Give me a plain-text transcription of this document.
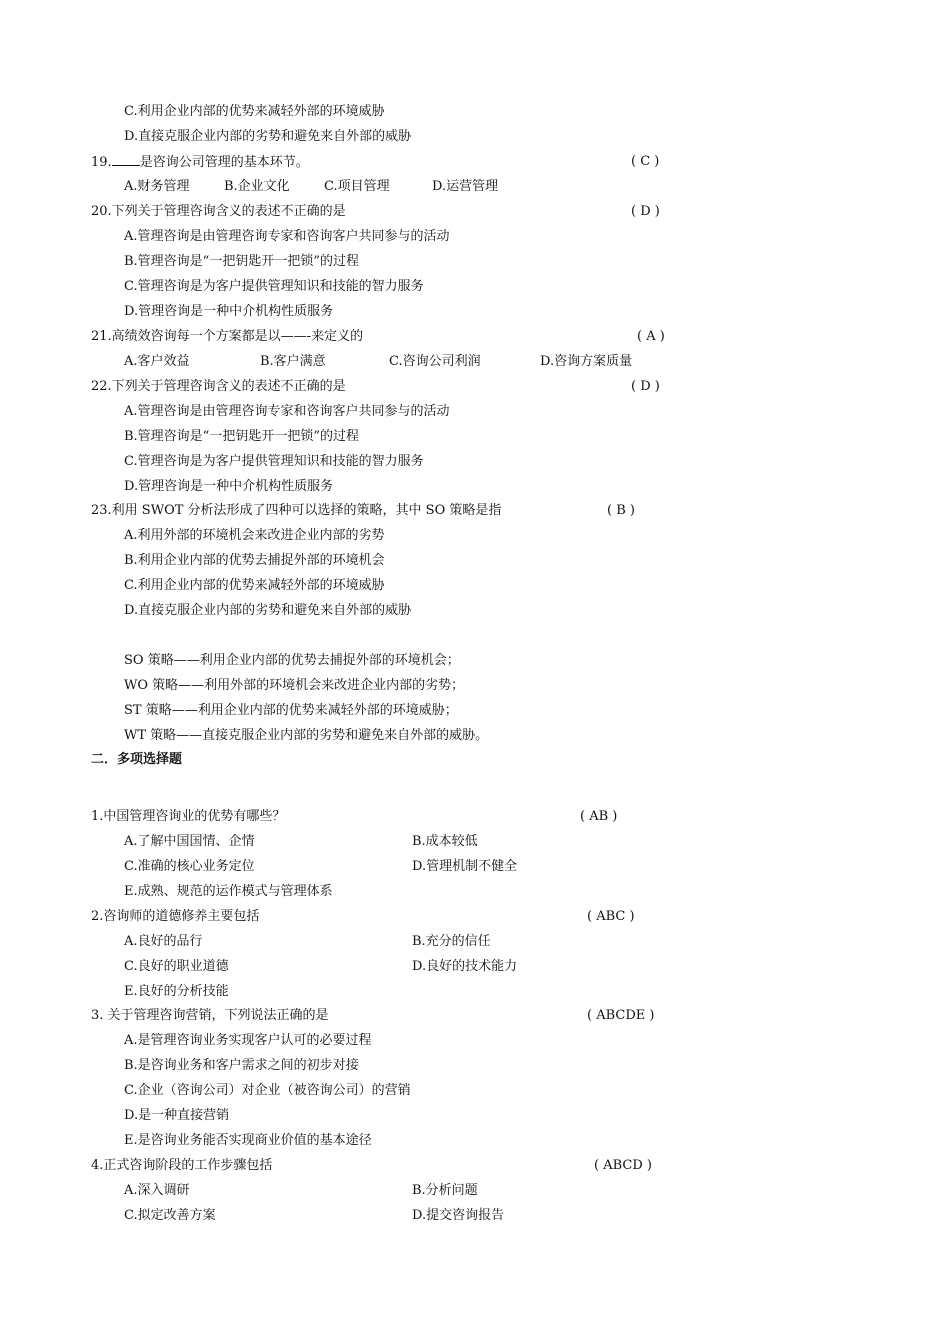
C.利用企业内部的优势来减轻外部的环境威胁
D.直接克服企业内部的劣势和避免来自外部的威胁
19. 是咨询公司管理的基本环节。	( C )
A.财务管理	B.企业文化	C.项目管理	D.运营管理
20.下列关于管理咨询含义的表述不正确的是	( D )
A.管理咨询是由管理咨询专家和咨询客户共同参与的活动
B.管理咨询是“一把钥匙开一把锁”的过程
C.管理咨询是为客户提供管理知识和技能的智力服务
D.管理咨询是一种中介机构性质服务
21.高绩效咨询每一个方案都是以——-来定义的	( A )
A.客户效益	B.客户满意	C.咨询公司利润	D.咨询方案质量
22.下列关于管理咨询含义的表述不正确的是	( D )
A.管理咨询是由管理咨询专家和咨询客户共同参与的活动
B.管理咨询是“一把钥匙开一把锁”的过程
C.管理咨询是为客户提供管理知识和技能的智力服务
D.管理咨询是一种中介机构性质服务
23.利用 SWOT 分析法形成了四种可以选择的策略，其中 SO 策略是指	( B )
A.利用外部的环境机会来改进企业内部的劣势
B.利用企业内部的优势去捕捉外部的环境机会
C.利用企业内部的优势来减轻外部的环境威胁
D.直接克服企业内部的劣势和避免来自外部的威胁
SO 策略——利用企业内部的优势去捕捉外部的环境机会；
WO 策略——利用外部的环境机会来改进企业内部的劣势；
ST 策略——利用企业内部的优势来减轻外部的环境威胁；
WT 策略——直接克服企业内部的劣势和避免来自外部的威胁。
二．多项选择题
1.中国管理咨询业的优势有哪些？	( AB )
A.了解中国国情、企情	B.成本较低
C.准确的核心业务定位	D.管理机制不健全
E.成熟、规范的运作模式与管理体系
2.咨询师的道德修养主要包括	( ABC )
A.良好的品行	B.充分的信任
C.良好的职业道德	D.良好的技术能力
E.良好的分析技能
3. 关于管理咨询营销，下列说法正确的是	( ABCDE )
A.是管理咨询业务实现客户认可的必要过程
B.是咨询业务和客户需求之间的初步对接
C.企业（咨询公司）对企业（被咨询公司）的营销
D.是一种直接营销
E.是咨询业务能否实现商业价值的基本途径
4.正式咨询阶段的工作步骤包括	( ABCD )
A.深入调研	B.分析问题
C.拟定改善方案	D.提交咨询报告
